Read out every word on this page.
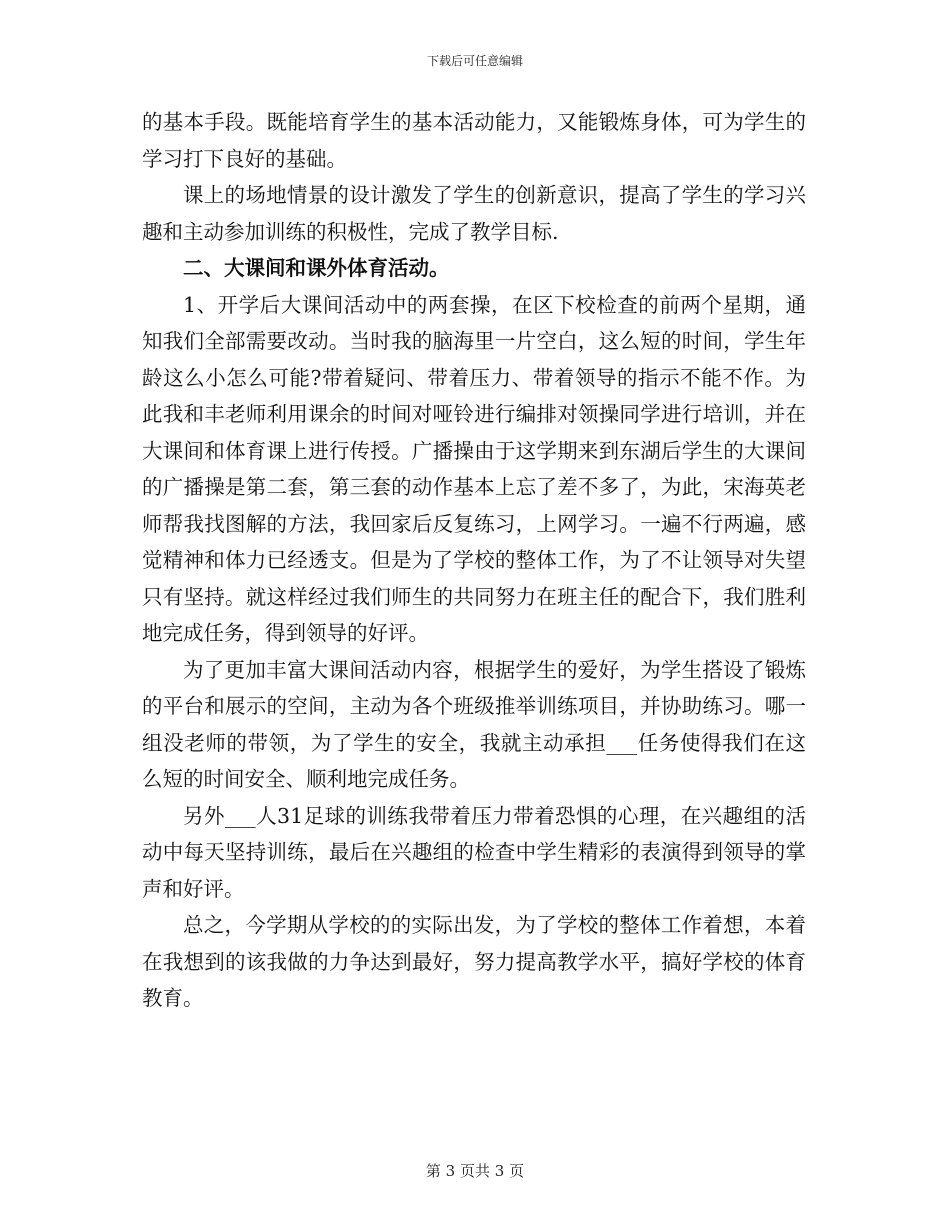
下载后可任意编辑

的基本手段。既能培育学生的基本活动能力，又能锻炼身体，可为学生的学习打下良好的基础。

课上的场地情景的设计激发了学生的创新意识，提高了学生的学习兴趣和主动参加训练的积极性，完成了教学目标.

二、大课间和课外体育活动。

1、开学后大课间活动中的两套操，在区下校检查的前两个星期，通知我们全部需要改动。当时我的脑海里一片空白，这么短的时间，学生年龄这么小怎么可能?带着疑问、带着压力、带着领导的指示不能不作。为此我和丰老师利用课余的时间对哑铃进行编排对领操同学进行培训，并在大课间和体育课上进行传授。广播操由于这学期来到东湖后学生的大课间的广播操是第二套，第三套的动作基本上忘了差不多了，为此，宋海英老师帮我找图解的方法，我回家后反复练习，上网学习。一遍不行两遍，感觉精神和体力已经透支。但是为了学校的整体工作，为了不让领导对失望只有坚持。就这样经过我们师生的共同努力在班主任的配合下，我们胜利地完成任务，得到领导的好评。

为了更加丰富大课间活动内容，根据学生的爱好，为学生搭设了锻炼的平台和展示的空间，主动为各个班级推举训练项目，并协助练习。哪一组没老师的带领，为了学生的安全，我就主动承担___任务使得我们在这么短的时间安全、顺利地完成任务。

另外___人31足球的训练我带着压力带着恐惧的心理，在兴趣组的活动中每天坚持训练，最后在兴趣组的检查中学生精彩的表演得到领导的掌声和好评。

总之，今学期从学校的的实际出发，为了学校的整体工作着想，本着在我想到的该我做的力争达到最好，努力提高教学水平，搞好学校的体育教育。

第 3 页共 3 页
